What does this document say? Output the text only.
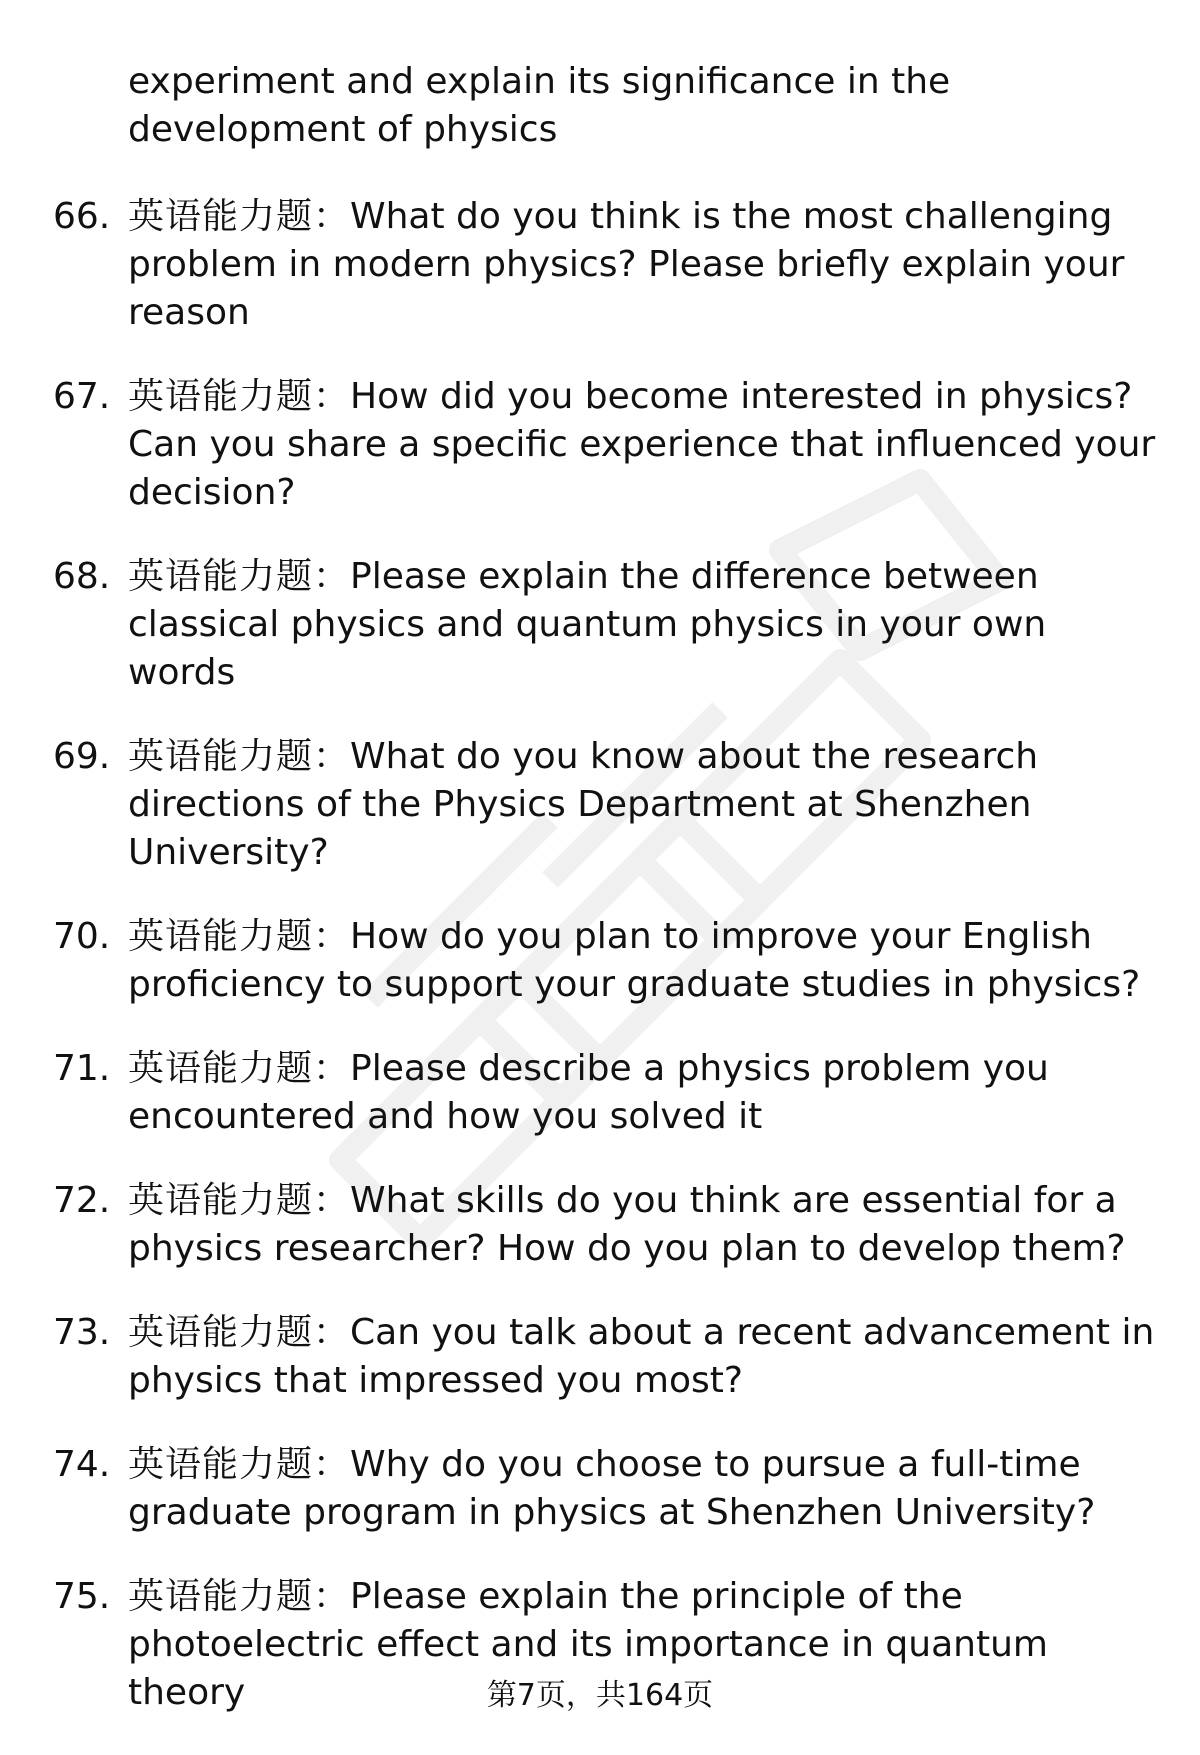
experiment and explain its significance in the development of physics
66. 英语能力题：What do you think is the most challenging problem in modern physics? Please briefly explain your reason
67. 英语能力题：How did you become interested in physics? Can you share a specific experience that influenced your decision?
68. 英语能力题：Please explain the difference between classical physics and quantum physics in your own words
69. 英语能力题：What do you know about the research directions of the Physics Department at Shenzhen University?
70. 英语能力题：How do you plan to improve your English proficiency to support your graduate studies in physics?
71. 英语能力题：Please describe a physics problem you encountered and how you solved it
72. 英语能力题：What skills do you think are essential for a physics researcher? How do you plan to develop them?
73. 英语能力题：Can you talk about a recent advancement in physics that impressed you most?
74. 英语能力题：Why do you choose to pursue a full-time graduate program in physics at Shenzhen University?
75. 英语能力题：Please explain the principle of the photoelectric effect and its importance in quantum theory	第7页，共164页
